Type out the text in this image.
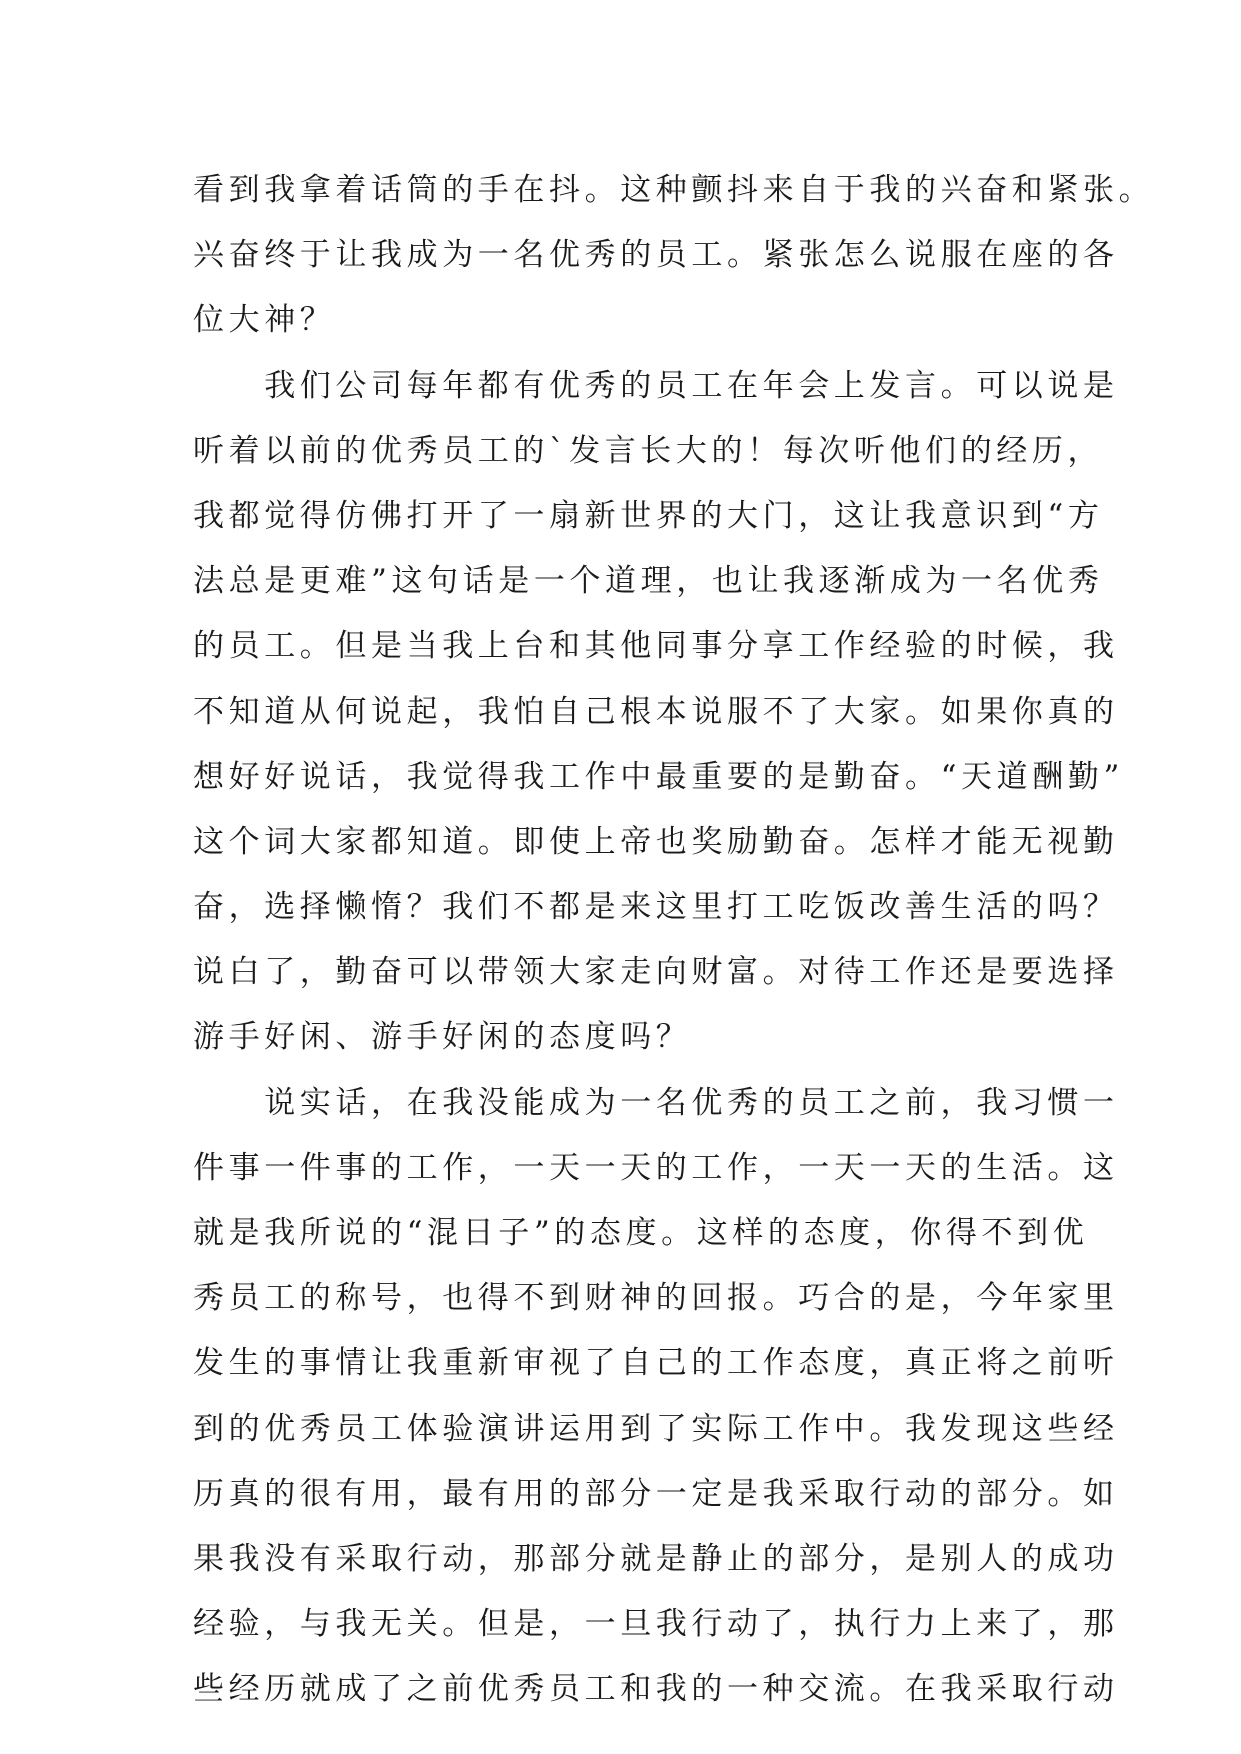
看到我拿着话筒的手在抖。这种颤抖来自于我的兴奋和紧张。
兴奋终于让我成为一名优秀的员工。紧张怎么说服在座的各
位大神？
　　我们公司每年都有优秀的员工在年会上发言。可以说是
听着以前的优秀员工的`发言长大的！每次听他们的经历，
我都觉得仿佛打开了一扇新世界的大门，这让我意识到“方
法总是更难”这句话是一个道理，也让我逐渐成为一名优秀
的员工。但是当我上台和其他同事分享工作经验的时候，我
不知道从何说起，我怕自己根本说服不了大家。如果你真的
想好好说话，我觉得我工作中最重要的是勤奋。“天道酬勤”
这个词大家都知道。即使上帝也奖励勤奋。怎样才能无视勤
奋，选择懒惰？我们不都是来这里打工吃饭改善生活的吗？
说白了，勤奋可以带领大家走向财富。对待工作还是要选择
游手好闲、游手好闲的态度吗？
　　说实话，在我没能成为一名优秀的员工之前，我习惯一
件事一件事的工作，一天一天的工作，一天一天的生活。这
就是我所说的“混日子”的态度。这样的态度，你得不到优
秀员工的称号，也得不到财神的回报。巧合的是，今年家里
发生的事情让我重新审视了自己的工作态度，真正将之前听
到的优秀员工体验演讲运用到了实际工作中。我发现这些经
历真的很有用，最有用的部分一定是我采取行动的部分。如
果我没有采取行动，那部分就是静止的部分，是别人的成功
经验，与我无关。但是，一旦我行动了，执行力上来了，那
些经历就成了之前优秀员工和我的一种交流。在我采取行动
